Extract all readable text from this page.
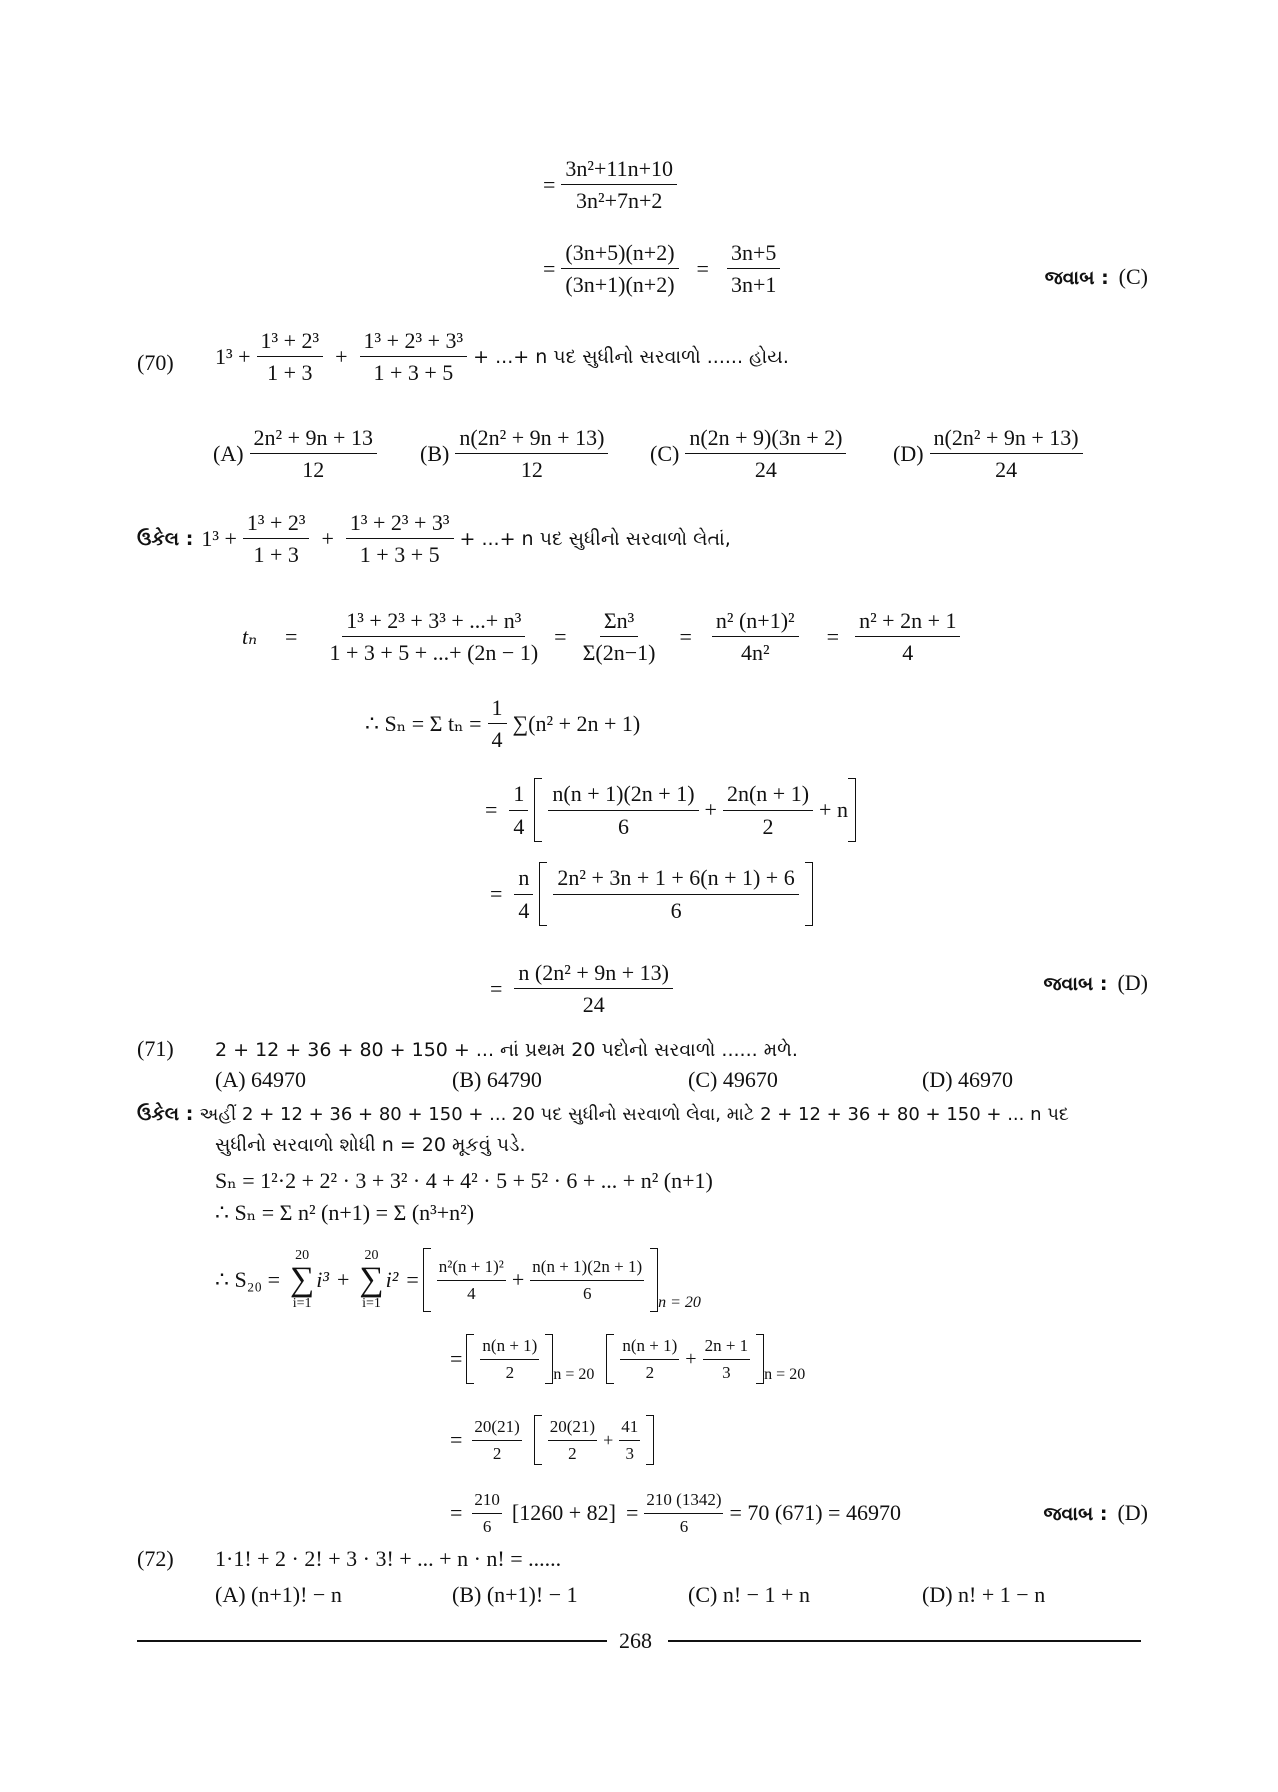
= $\frac{\text{3n²+11n+10}}{\text{3n²+7n+2}}$
= $\frac{(3n+5)(n+2)}{(3n+1)(n+2)} = \frac{3n+5}{3n+1}$	જવાબ : (C)
(70) $1^3 + \frac{\text{1³ + 2³}}{1 + 3} + \frac{\text{1³ + 2³ + 3³}}{1 + 3 + 5}$ + ...+ n પદ સુધીનો સરવાળો ...... હોય.
$(A) \frac{\text{2n² + 9n + 13}}{12} (B) \frac{\text{n(2n² + 9n + 13)}}{12} (C) \frac{n(2n + 9)(3n + 2)}{24} (D) \frac{\text{n(2n² + 9n + 13)}}{24}$
ઉકેલ : $1^3 + \frac{\text{1³ + 2³}}{1 + 3} + \frac{\text{1³ + 2³ + 3³}}{1 + 3 + 5}$ + ...+ n પદ સુધીનો સરવાળો લેતાં,
$t_n = \frac{\text{1³ + 2³ + 3³ + ...+ n³}}{1 + 3 + 5 + ...+ (2n - 1)} = \frac{\text{Σn³}}{\Sigma(2n-1)} = \frac{\text{n² (n+1)²}}{\text{4n²}} = \frac{\text{n² + 2n + 1}}{4}$
∴ Sₙ = Σ $t_n = \frac{1}{4} \sum(n^2 + 2n + 1)$
= $\frac{1}{4} \frac{n(n + 1)(2n + 1)}{6} + \frac{2n(n + 1)}{2} + n$
= $\frac{n}{4} \frac{\text{2n² + 3n + 1 + 6(n + 1) + 6}}{6}$
= $\frac{\text{n (2n² + 9n + 13)}}{24}$	જવાબ : (D)
(71) 2 + 12 + 36 + 80 + 150 + ... નાં પ્રથમ 20 પદોનો સરવાળો ...... મળે.
(A) 64970	(B) 64790	(C) 49670	(D) 46970
ઉકેલ : અહીં 2 + 12 + 36 + 80 + 150 + ... 20 પદ સુધીનો સરવાળો લેવા, માટે 2 + 12 + 36 + 80 + 150 + ... n પદ
સુધીનો સરવાળો શોધી n = 20 મૂકવું પડે.
Sₙ = 1²·2 + 2² · 3 + 3² · 4 + 4² · 5 + 5² · 6 + ... + n² (n+1)
∴ Sₙ = Σ n² (n+1) = Σ (n³+n²)
∴ S₂₀ =
20
∑
i=1
i³ +
20
∑
i=1
$i^2 = \frac{\text{n²(n + 1)²}}{4} + \frac{n(n + 1)(2n + 1)}{6}$ n = 20
= $\frac{n(n + 1)}{2}$ $n = 20 \frac{n(n + 1)}{2} + \frac{2n + 1}{3}$ n = 20
= $\frac{20(21)}{2} \frac{20(21)}{2} + \frac{41}{3}$
= $\frac{210}{6} [1260 + 82] = \frac{210 (1342)}{6} = 70$ (671) = 46970	જવાબ : (D)
(72) 1·1! + 2 · 2! + 3 · 3! + ... + n · n! = ......
(A) (n+1)! − n	(B) (n+1)! − 1	(C) n! − 1 + n	(D) n! + 1 − n
268
